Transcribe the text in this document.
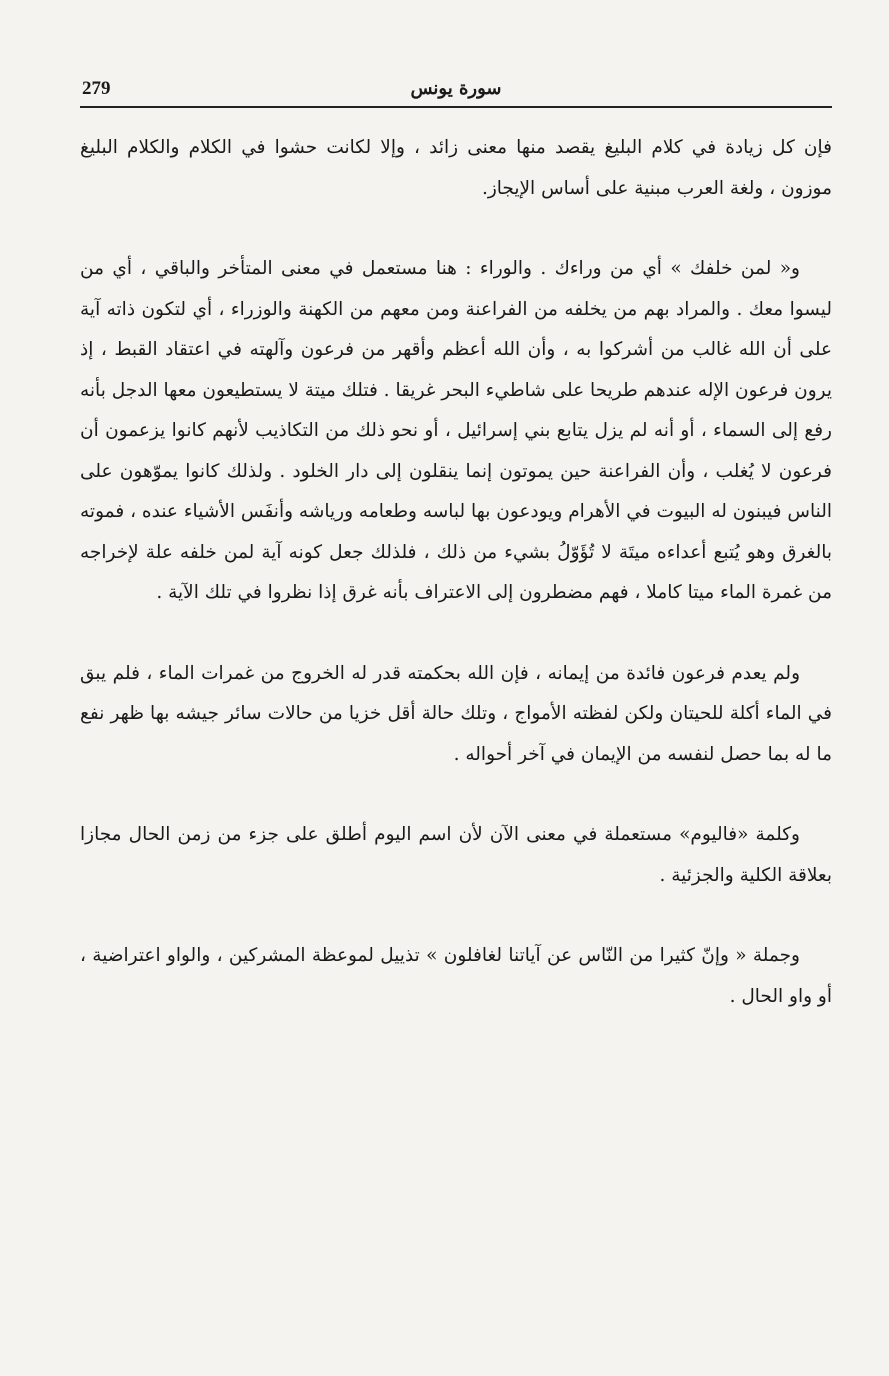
279	سورة يونس

فإن كل زيادة في كلام البليغ يقصد منها معنى زائد ، وإلا لكانت حشوا في الكلام والكلام البليغ موزون ، ولغة العرب مبنية على أساس الإيجاز.

و« لمن خلفك » أي من وراءك . والوراء : هنا مستعمل في معنى المتأخر والباقي ، أي من ليسوا معك . والمراد بهم من يخلفه من الفراعنة ومن معهم من الكهنة والوزراء ، أي لتكون ذاته آية على أن الله غالب من أشركوا به ، وأن الله أعظم وأقهر من فرعون وآلهته في اعتقاد القبط ، إذ يرون فرعون الإله عندهم طريحا على شاطيء البحر غريقا . فتلك ميتة لا يستطيعون معها الدجل بأنه رفع إلى السماء ، أو أنه لم يزل يتابع بني إسرائيل ، أو نحو ذلك من التكاذيب لأنهم كانوا يزعمون أن فرعون لا يُغلب ، وأن الفراعنة حين يموتون إنما ينقلون إلى دار الخلود . ولذلك كانوا يموّهون على الناس فيبنون له البيوت في الأهرام ويودعون بها لباسه وطعامه ورياشه وأنفَس الأشياء عنده ، فموته بالغرق وهو يُتبع أعداءه ميتَة لا تُؤَوّلُ بشيء من ذلك ، فلذلك جعل كونه آية لمن خلفه علة لإخراجه من غمرة الماء ميتا كاملا ، فهم مضطرون إلى الاعتراف بأنه غرق إذا نظروا في تلك الآية .

ولم يعدم فرعون فائدة من إيمانه ، فإن الله بحكمته قدر له الخروج من غمرات الماء ، فلم يبق في الماء أكلة للحيتان ولكن لفظته الأمواج ، وتلك حالة أقل خزيا من حالات سائر جيشه بها ظهر نفع ما له بما حصل لنفسه من الإيمان في آخر أحواله .

وكلمة «فاليوم» مستعملة في معنى الآن لأن اسم اليوم أطلق على جزء من زمن الحال مجازا بعلاقة الكلية والجزئية .

وجملة « وإنّ كثيرا من النّاس عن آياتنا لغافلون » تذييل لموعظة المشركين ، والواو اعتراضية ، أو واو الحال .
